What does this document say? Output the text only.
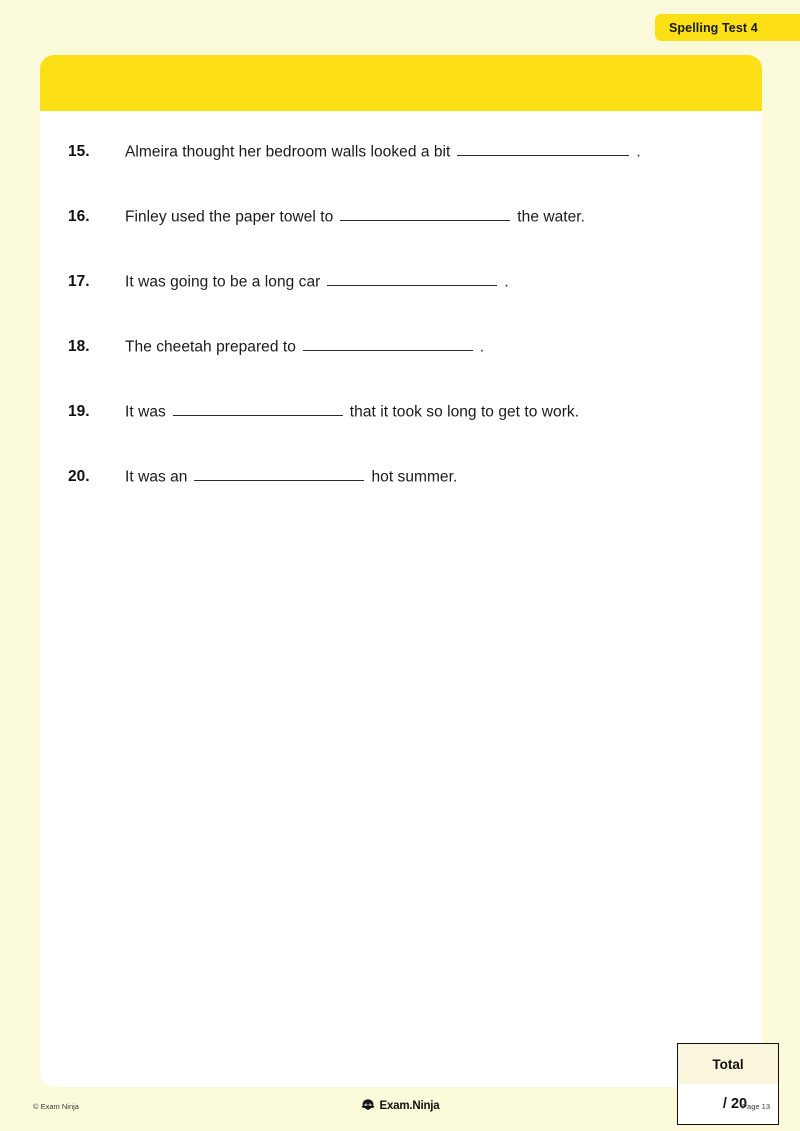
Spelling Test 4
15.	Almeira thought her bedroom walls looked a bit	.
16.	Finley used the paper towel to	the water.
17.	It was going to be a long car	.
18.	The cheetah prepared to	.
19.	It was	that it took so long to get to work.
20.	It was an	hot summer.
Total
/ 20
© Exam Ninja	Exam.Ninja	Page 13
